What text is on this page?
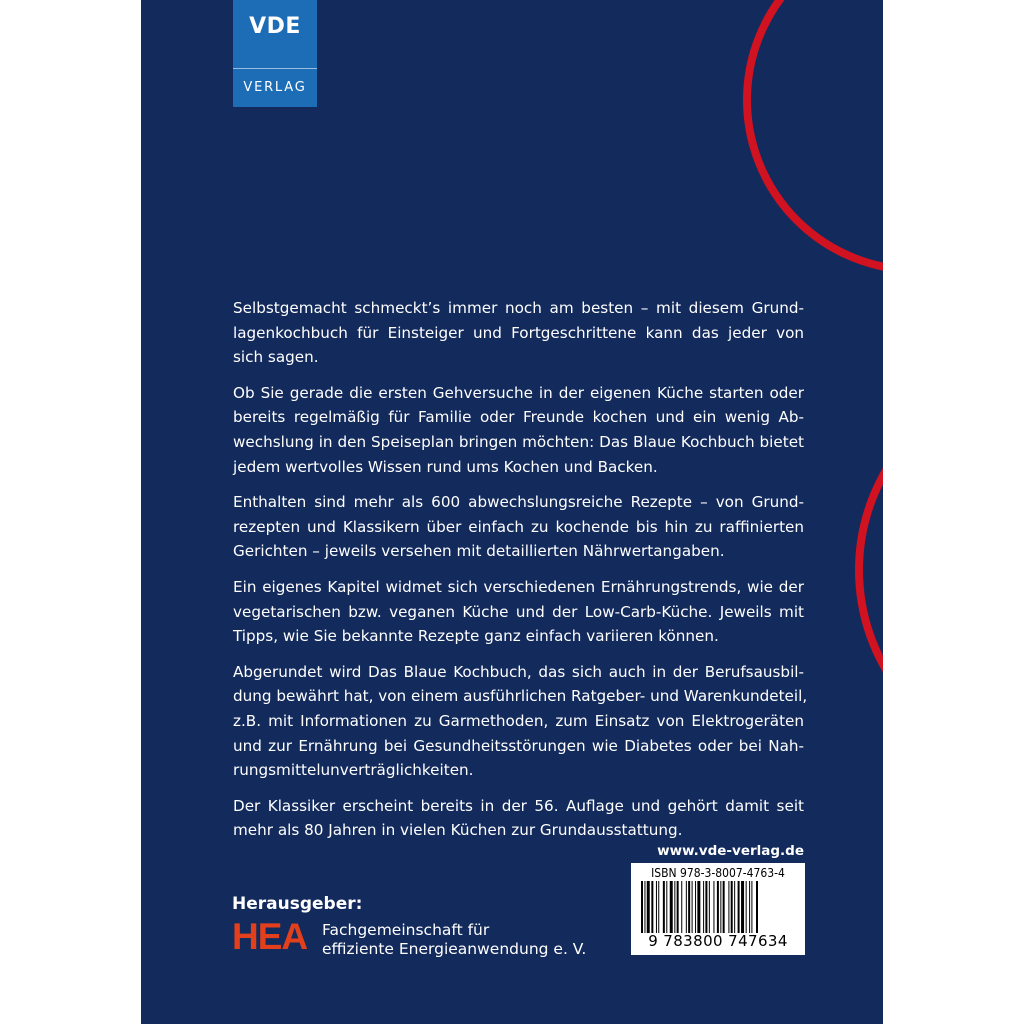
VDE
VERLAG

Selbstgemacht schmeckt’s immer noch am besten – mit diesem Grund-
lagenkochbuch für Einsteiger und Fortgeschrittene kann das jeder von
sich sagen.

Ob Sie gerade die ersten Gehversuche in der eigenen Küche starten oder
bereits regelmäßig für Familie oder Freunde kochen und ein wenig Ab-
wechslung in den Speiseplan bringen möchten: Das Blaue Kochbuch bietet
jedem wertvolles Wissen rund ums Kochen und Backen.

Enthalten sind mehr als 600 abwechslungsreiche Rezepte – von Grund-
rezepten und Klassikern über einfach zu kochende bis hin zu raffinierten
Gerichten – jeweils versehen mit detaillierten Nährwertangaben.

Ein eigenes Kapitel widmet sich verschiedenen Ernährungstrends, wie der
vegetarischen bzw. veganen Küche und der Low-Carb-Küche. Jeweils mit
Tipps, wie Sie bekannte Rezepte ganz einfach variieren können.

Abgerundet wird Das Blaue Kochbuch, das sich auch in der Berufsausbil-
dung bewährt hat, von einem ausführlichen Ratgeber- und Warenkundeteil,
z.B. mit Informationen zu Garmethoden, zum Einsatz von Elektrogeräten
und zur Ernährung bei Gesundheitsstörungen wie Diabetes oder bei Nah-
rungsmittelunverträglichkeiten.

Der Klassiker erscheint bereits in der 56. Auflage und gehört damit seit
mehr als 80 Jahren in vielen Küchen zur Grundausstattung.

www.vde-verlag.de
ISBN 978-3-8007-4763-4
9 783800 747634
Herausgeber:
HEA Fachgemeinschaft für
effiziente Energieanwendung e. V.
